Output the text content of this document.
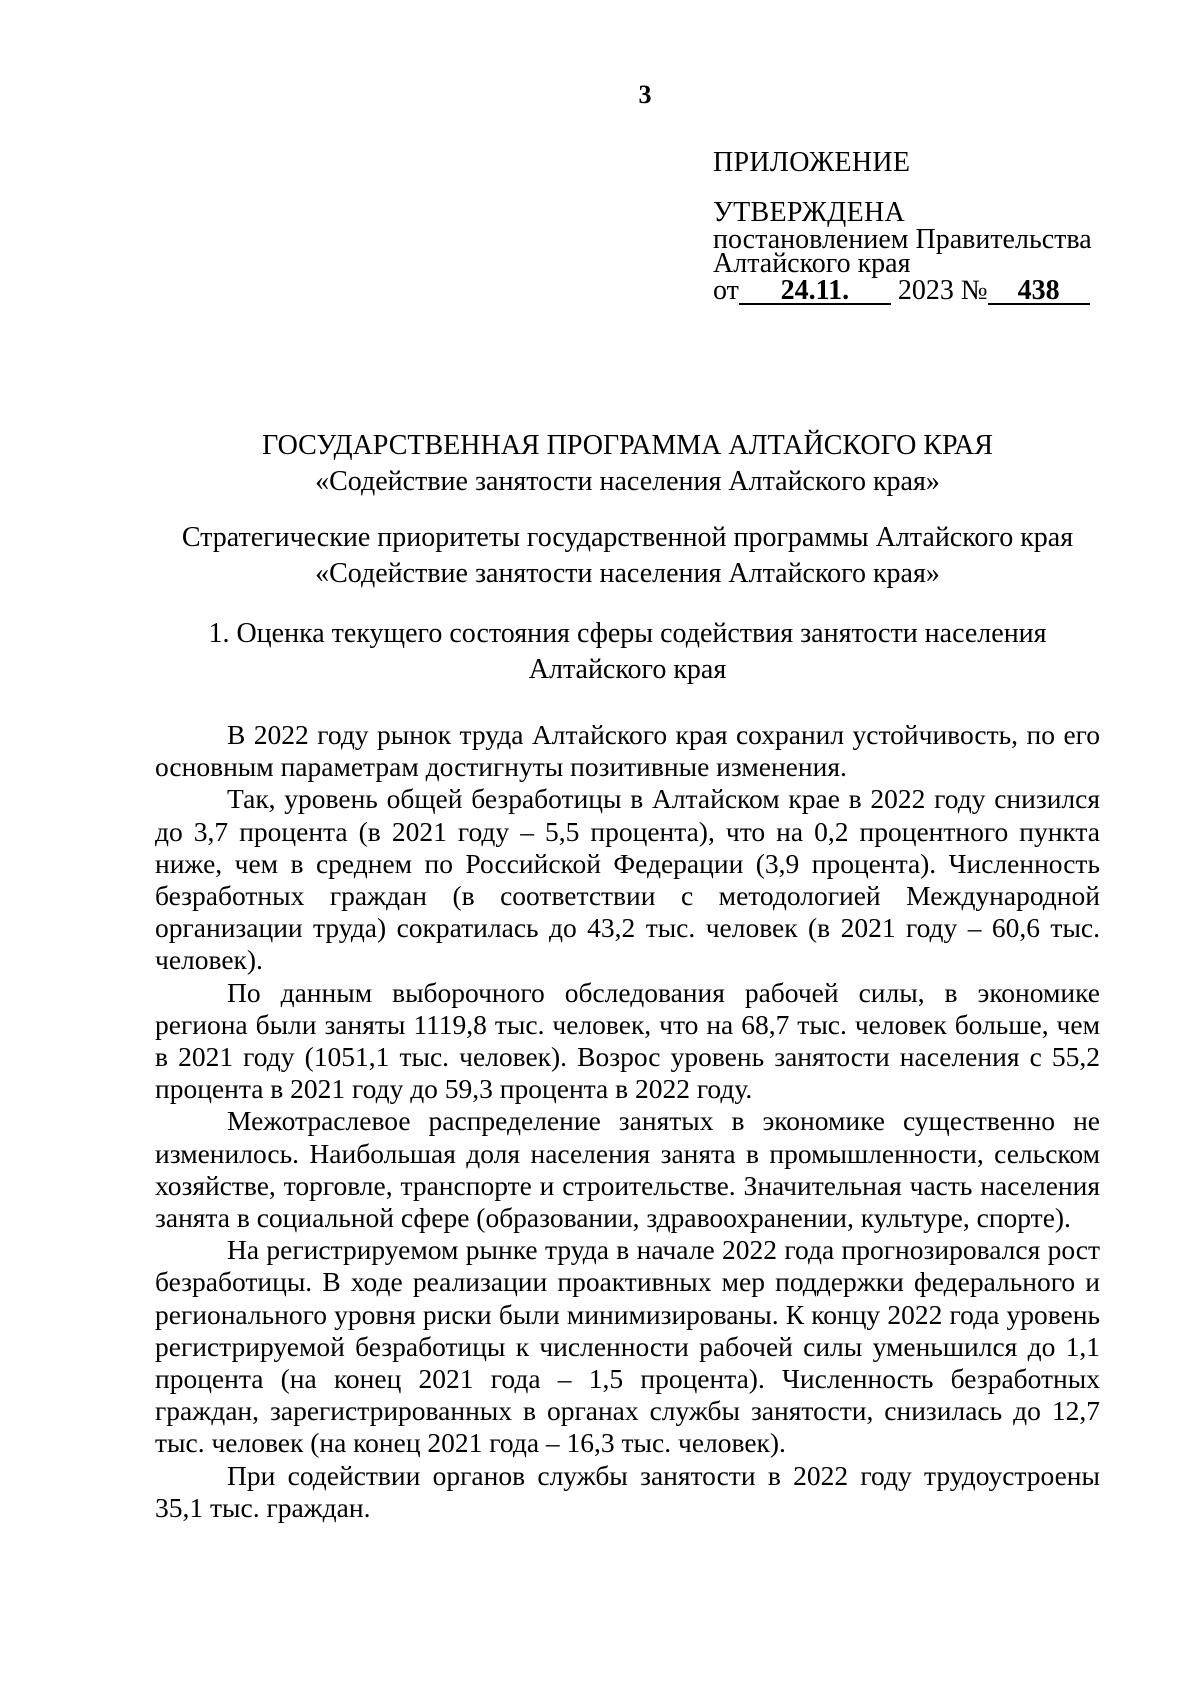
3
ПРИЛОЖЕНИЕ
УТВЕРЖДЕНА
постановлением Правительства
Алтайского края
от 24.11. 2023 № 438
ГОСУДАРСТВЕННАЯ ПРОГРАММА АЛТАЙСКОГО КРАЯ
«Содействие занятости населения Алтайского края»
Стратегические приоритеты государственной программы Алтайского края
«Содействие занятости населения Алтайского края»
1. Оценка текущего состояния сферы содействия занятости населения
Алтайского края

В 2022 году рынок труда Алтайского края сохранил устойчивость, по его основным параметрам достигнуты позитивные изменения.

Так, уровень общей безработицы в Алтайском крае в 2022 году снизился до 3,7 процента (в 2021 году – 5,5 процента), что на 0,2 процентного пункта ниже, чем в среднем по Российской Федерации (3,9 процента). Численность безработных граждан (в соответствии с методологией Международной организации труда) сократилась до 43,2 тыс. человек (в 2021 году – 60,6 тыс. человек).

По данным выборочного обследования рабочей силы, в экономике региона были заняты 1119,8 тыс. человек, что на 68,7 тыс. человек больше, чем в 2021 году (1051,1 тыс. человек). Возрос уровень занятости населения с 55,2 процента в 2021 году до 59,3 процента в 2022 году.

Межотраслевое распределение занятых в экономике существенно не изменилось. Наибольшая доля населения занята в промышленности, сельском хозяйстве, торговле, транспорте и строительстве. Значительная часть населения занята в социальной сфере (образовании, здравоохранении, культуре, спорте).

На регистрируемом рынке труда в начале 2022 года прогнозировался рост безработицы. В ходе реализации проактивных мер поддержки федерального и регионального уровня риски были минимизированы. К концу 2022 года уровень регистрируемой безработицы к численности рабочей силы уменьшился до 1,1 процента (на конец 2021 года – 1,5 процента). Численность безработных граждан, зарегистрированных в органах службы занятости, снизилась до 12,7 тыс. человек (на конец 2021 года – 16,3 тыс. человек).

При содействии органов службы занятости в 2022 году трудоустроены 35,1 тыс. граждан.
